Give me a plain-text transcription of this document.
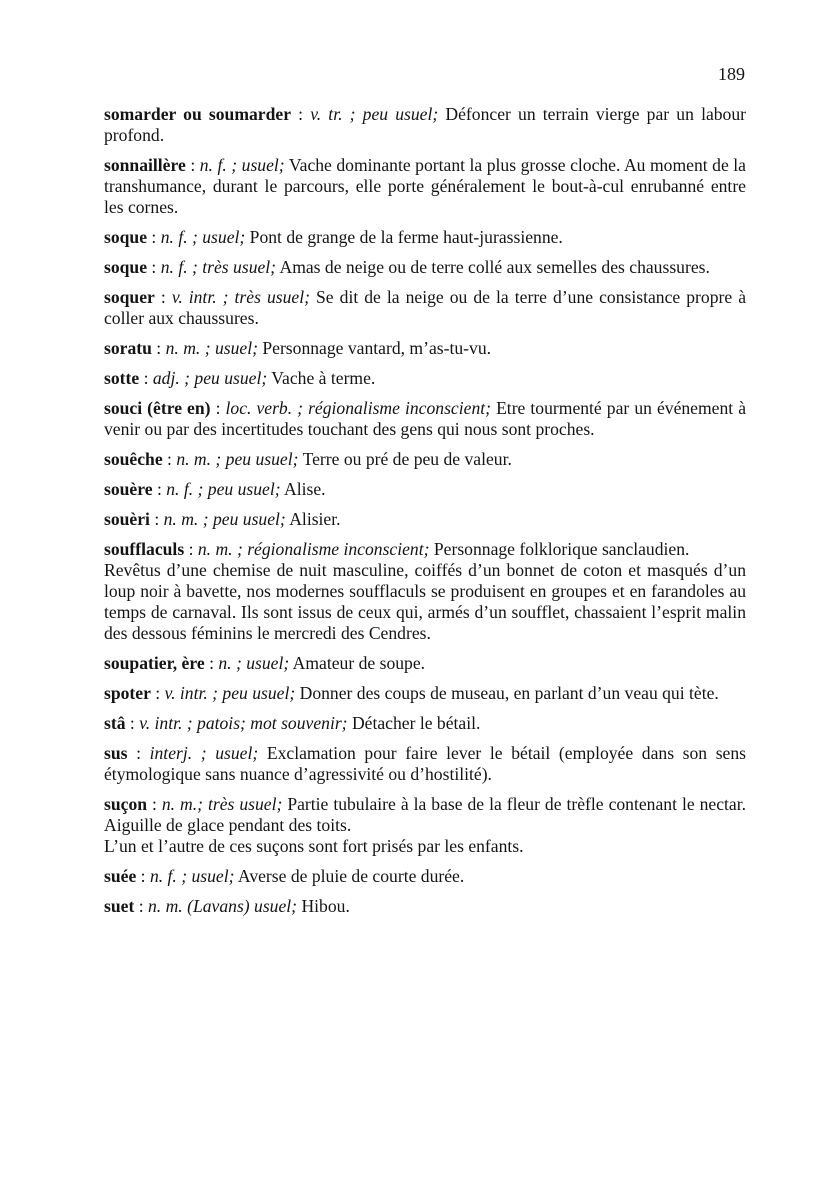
189

somarder ou soumarder : v. tr. ; peu usuel; Défoncer un terrain vierge par un labour profond.

sonnaillère : n. f. ; usuel; Vache dominante portant la plus grosse cloche. Au moment de la transhumance, durant le parcours, elle porte généralement le bout-à-cul enrubanné entre les cornes.

soque : n. f. ; usuel; Pont de grange de la ferme haut-jurassienne.

soque : n. f. ; très usuel; Amas de neige ou de terre collé aux semelles des chaussures.

soquer : v. intr. ; très usuel; Se dit de la neige ou de la terre d’une consistance propre à coller aux chaussures.

soratu : n. m. ; usuel; Personnage vantard, m’as-tu-vu.

sotte : adj. ; peu usuel; Vache à terme.

souci (être en) : loc. verb. ; régionalisme inconscient; Etre tourmenté par un événement à venir ou par des incertitudes touchant des gens qui nous sont proches.

souêche : n. m. ; peu usuel; Terre ou pré de peu de valeur.

souère : n. f. ; peu usuel; Alise.

souèri : n. m. ; peu usuel; Alisier.

soufflaculs : n. m. ; régionalisme inconscient; Personnage folklorique sanclaudien.

Revêtus d’une chemise de nuit masculine, coiffés d’un bonnet de coton et masqués d’un loup noir à bavette, nos modernes soufflaculs se produisent en groupes et en farandoles au temps de carnaval. Ils sont issus de ceux qui, armés d’un soufflet, chassaient l’esprit malin des dessous féminins le mercredi des Cendres.

soupatier, ère : n. ; usuel; Amateur de soupe.

spoter : v. intr. ; peu usuel; Donner des coups de museau, en parlant d’un veau qui tète.

stâ : v. intr. ; patois; mot souvenir; Détacher le bétail.

sus : interj. ; usuel; Exclamation pour faire lever le bétail (employée dans son sens étymologique sans nuance d’agressivité ou d’hostilité).

suçon : n. m.; très usuel; Partie tubulaire à la base de la fleur de trèfle contenant le nectar. Aiguille de glace pendant des toits.

L’un et l’autre de ces suçons sont fort prisés par les enfants.

suée : n. f. ; usuel; Averse de pluie de courte durée.

suet : n. m. (Lavans) usuel; Hibou.
